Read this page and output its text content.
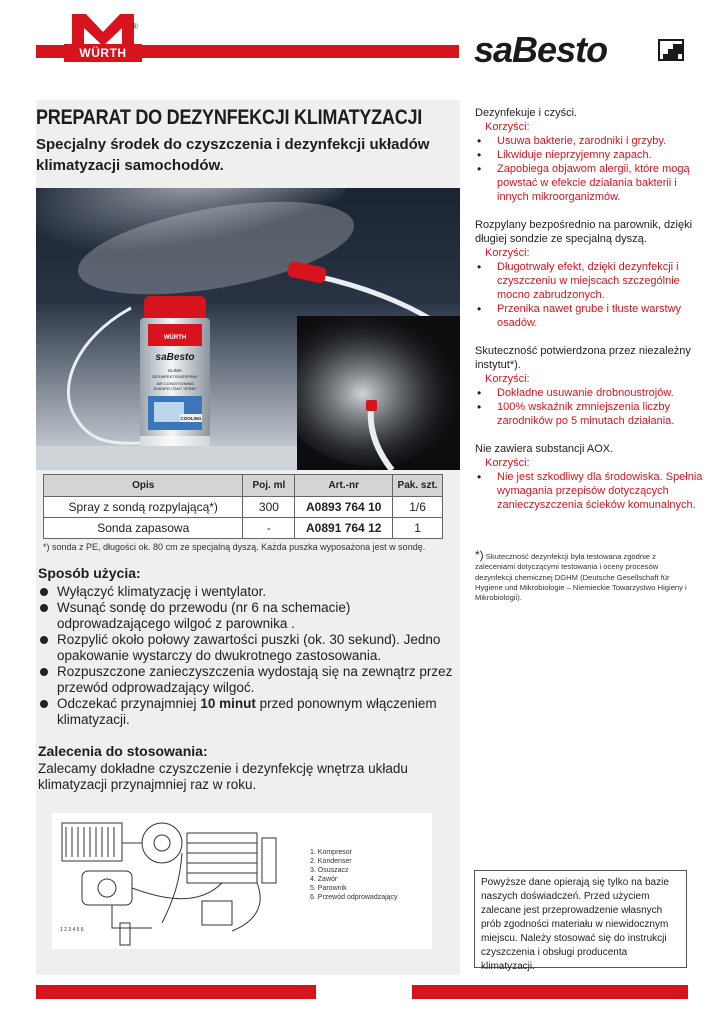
WÜRTH
®
saBesto
PREPARAT DO DEZYNFEKCJI KLIMATYZACJI
Specjalny środek do czyszczenia i dezynfekcji układów klimatyzacji samochodów.
WÜRTH
saBesto
KLIMA
DESINFEKTIONSSPRAY
AIR CONDITIONING
DISINFECTANT SPRAY
COOLING
Opis	Poj. ml	Art.-nr	Pak. szt.
Spray z sondą rozpylającą*)	300	A0893 764 10	1/6
Sonda zapasowa	-	A0891 764 12	1
*) sonda z PE, długości ok. 80 cm ze specjalną dyszą. Każda puszka wyposażona jest w sondę.
Sposób użycia:
Wyłączyć klimatyzację i wentylator.
Wsunąć sondę do przewodu (nr 6 na schemacie) odprowadzającego wilgoć z parownika .
Rozpylić około połowy zawartości puszki (ok. 30 sekund). Jedno opakowanie wystarczy do dwukrotnego zastosowania.
Rozpuszczone zanieczyszczenia wydostają się na zewnątrz przez przewód odprowadzający wilgoć.
Odczekać przynajmniej 10 minut przed ponownym włączeniem klimatyzacji.
Zalecenia do stosowania:
Zalecamy dokładne czyszczenie i dezynfekcję wnętrza układu klimatyzacji przynajmniej raz w roku.
1 2 3 4 5 6
1. Kompresor
2. Kondenser
3. Osuszacz
4. Zawór
5. Parownik
6. Przewód odprowadzający
Dezynfekuje i czyści.
Korzyści:
• Usuwa bakterie, zarodniki i grzyby.
• Likwiduje nieprzyjemny zapach.
• Zapobiega objawom alergii, które mogą powstać w efekcie działania bakterii i innych mikroorganizmów.
Rozpylany bezpośrednio na parownik, dzięki długiej sondzie ze specjalną dyszą.
Korzyści:
• Długotrwały efekt, dzięki dezynfekcji i czyszczeniu w miejscach szczególnie mocno zabrudzonych.
• Przenika nawet grube i tłuste warstwy osadów.
Skuteczność potwierdzona przez niezależny instytut*).
Korzyści:
• Dokładne usuwanie drobnoustrojów.
• 100% wskaźnik zmniejszenia liczby zarodników po 5 minutach działania.
Nie zawiera substancji AOX.
Korzyści:
• Nie jest szkodliwy dla środowiska. Spełnia wymagania przepisów dotyczących zanieczyszczenia ścieków komunalnych.
*) Skuteczność dezynfekcji była testowana zgodnie z zaleceniami dotyczącymi testowania i oceny procesów dezynfekcji chemicznej DGHM (Deutsche Gesellschaft für Hygiene und Mikrobiologie – Niemieckie Towarzystwo Higieny i Mikrobiologii).
Powyższe dane opierają się tylko na bazie naszych doświadczeń. Przed użyciem zalecane jest przeprowadzenie własnych prób zgodności materiału w niewidocznym miejscu. Należy stosować się do instrukcji czyszczenia i obsługi producenta klimatyzacji.
